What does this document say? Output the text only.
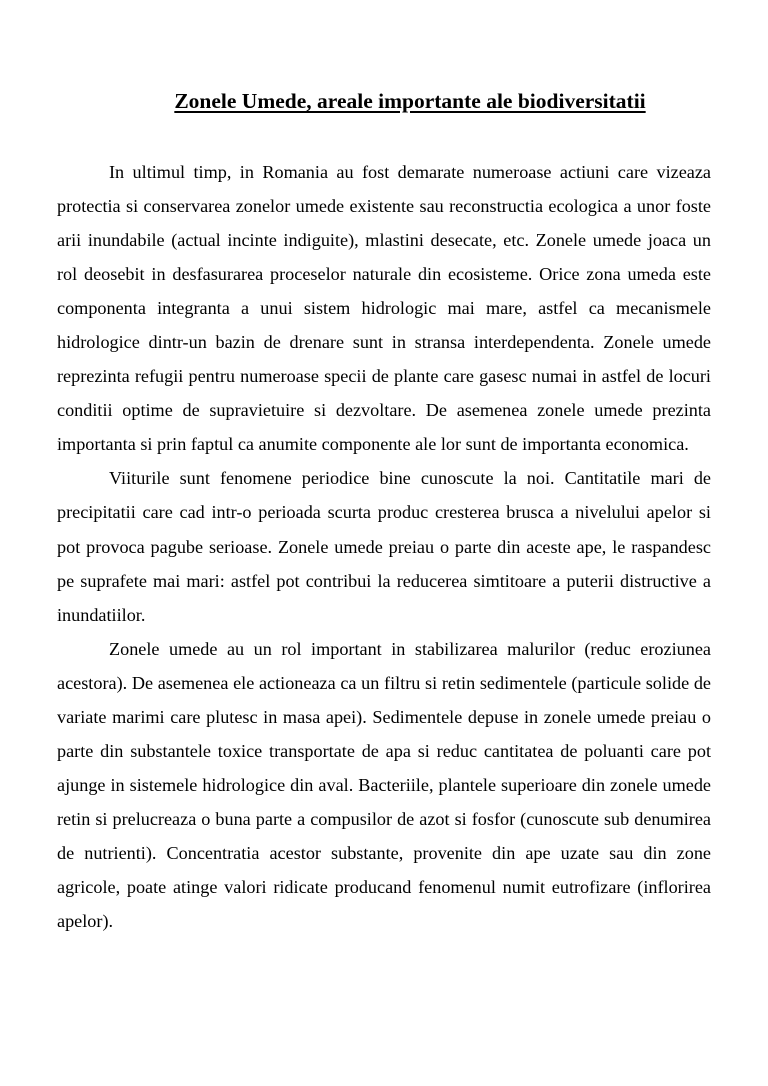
Zonele Umede, areale importante ale biodiversitatii

In ultimul timp, in Romania au fost demarate numeroase actiuni care vizeaza protectia si conservarea zonelor umede existente sau reconstructia ecologica a unor foste arii inundabile (actual incinte indiguite), mlastini desecate, etc. Zonele umede joaca un rol deosebit in desfasurarea proceselor naturale din ecosisteme. Orice zona umeda este componenta integranta a unui sistem hidrologic mai mare, astfel ca mecanismele hidrologice dintr-un bazin de drenare sunt in stransa interdependenta. Zonele umede reprezinta refugii pentru numeroase specii de plante care gasesc numai in astfel de locuri conditii optime de supravietuire si dezvoltare. De asemenea zonele umede prezinta importanta si prin faptul ca anumite componente ale lor sunt de importanta economica.

Viiturile sunt fenomene periodice bine cunoscute la noi. Cantitatile mari de precipitatii care cad intr-o perioada scurta produc cresterea brusca a nivelului apelor si pot provoca pagube serioase. Zonele umede preiau o parte din aceste ape, le raspandesc pe suprafete mai mari: astfel pot contribui la reducerea simtitoare a puterii distructive a inundatiilor.

Zonele umede au un rol important in stabilizarea malurilor (reduc eroziunea acestora). De asemenea ele actioneaza ca un filtru si retin sedimentele (particule solide de variate marimi care plutesc in masa apei). Sedimentele depuse in zonele umede preiau o parte din substantele toxice transportate de apa si reduc cantitatea de poluanti care pot ajunge in sistemele hidrologice din aval. Bacteriile, plantele superioare din zonele umede retin si prelucreaza o buna parte a compusilor de azot si fosfor (cunoscute sub denumirea de nutrienti). Concentratia acestor substante, provenite din ape uzate sau din zone agricole, poate atinge valori ridicate producand fenomenul numit eutrofizare (inflorirea apelor).
